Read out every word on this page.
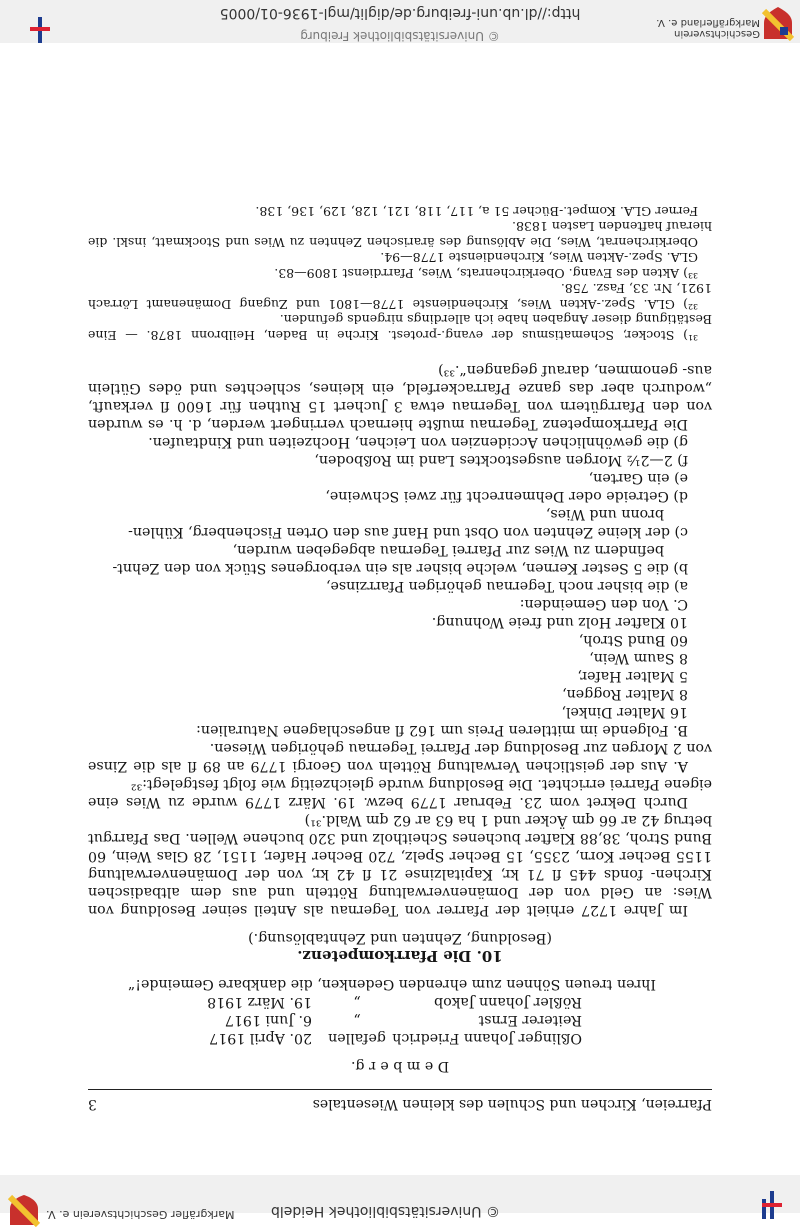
© Universitätsbibliothek Heidelb
Markgräfler Geschichtsverein e. V.
Pfarreien, Kirchen und Schulen des kleinen Wiesentales
3
D e m b e r g.
Oßlinger Johann Friedrichgefallen20. April 1917
Reiterer Ernst„6. Juni 1917
Rößler Johann Jakob„19. März 1918
Ihren treuen Söhnen zum ehrenden Gedenken, die dankbare Gemeinde!“
10. Die Pfarrkompetenz.
(Besoldung, Zehnten und Zehntablösung.)
Im Jahre 1727 erhielt der Pfarrer von Tegernau als Anteil seiner Besoldung von Wies: an Geld von der Domänenverwaltung Rötteln und aus dem altbadischen Kirchen- fonds 445 fl 71 kr, Kapitalzinse 21 fl 42 kr, von der Domänenverwaltung 1155 Becher Korn, 2355, 15 Becher Spelz, 720 Becher Hafer, 1151, 28 Glas Wein, 60 Bund Stroh, 38,88 Klafter buchenes Scheitholz und 320 buchene Wellen. Das Pfarrgut betrug 42 ar 66 qm Äcker und 1 ha 63 ar 62 qm Wald.³¹)
Durch Dekret vom 23. Februar 1779 bezw. 19. März 1779 wurde zu Wies eine eigene Pfarrei errichtet. Die Besoldung wurde gleichzeitig wie folgt festgelegt:³²
A. Aus der geistlichen Verwaltung Rötteln von Georgi 1779 an 89 fl als die Zinse von 2 Morgen zur Besoldung der Pfarrei Tegernau gehörigen Wiesen.
B. Folgende im mittleren Preis um 162 fl angeschlagene Naturalien:
16 Malter Dinkel,
8 Malter Roggen,
5 Malter Hafer,
8 Saum Wein,
60 Bund Stroh,
10 Klafter Holz und freie Wohnung.
C. Von den Gemeinden:
a) die bisher noch Tegernau gehörigen Pfarrzinse,
b) die 5 Sester Kernen, welche bisher als ein verborgenes Stück von den Zehnt- befindern zu Wies zur Pfarrei Tegernau abgegeben wurden,
c) der kleine Zehnten von Obst und Hanf aus den Orten Fischenberg, Kühlen- bronn und Wies,
d) Getreide oder Dehmenrecht für zwei Schweine,
e) ein Garten,
f) 2—2½ Morgen ausgestocktes Land im Roßboden,
g) die gewöhnlichen Accidenzien von Leichen, Hochzeiten und Kindtaufen.
Die Pfarrkompetenz Tegernau mußte hiernach verringert werden, d. h. es wurden von den Pfarrgütern von Tegernau etwa 3 Juchert 15 Ruthen für 1600 fl verkauft, „wodurch aber das ganze Pfarrackerfeld, ein kleines, schlechtes und ödes Gütlein aus- genommen, darauf gegangen“.³³)
³¹) Stocker, Schematismus der evang.-protest. Kirche in Baden, Heilbronn 1878. — Eine Bestätigung dieser Angaben habe ich allerdings nirgends gefunden.
³²) GLA. Spez.-Akten Wies, Kirchendienste 1778—1801 und Zugang Domänenamt Lörrach 1921, Nr. 33, Fasz. 758.
³³) Akten des Evang. Oberkirchenrats, Wies, Pfarrdienst 1809—83.
GLA. Spez.-Akten Wies, Kirchendienste 1778—94.
Oberkirchenrat, Wies, Die Ablösung des ärarischen Zehnten zu Wies und Stockmatt, inskl. die hierauf haftenden Lasten 1838.
Ferner GLA. Kompet.-Bücher 51 a, 117, 118, 121, 128, 129, 136, 138.
Geschichtsverein
Markgräflerland e. V.
© Universitätsbibliothek Freiburg
http://dl.ub.uni-freiburg.de/diglit/mgl-1936-01/0005
